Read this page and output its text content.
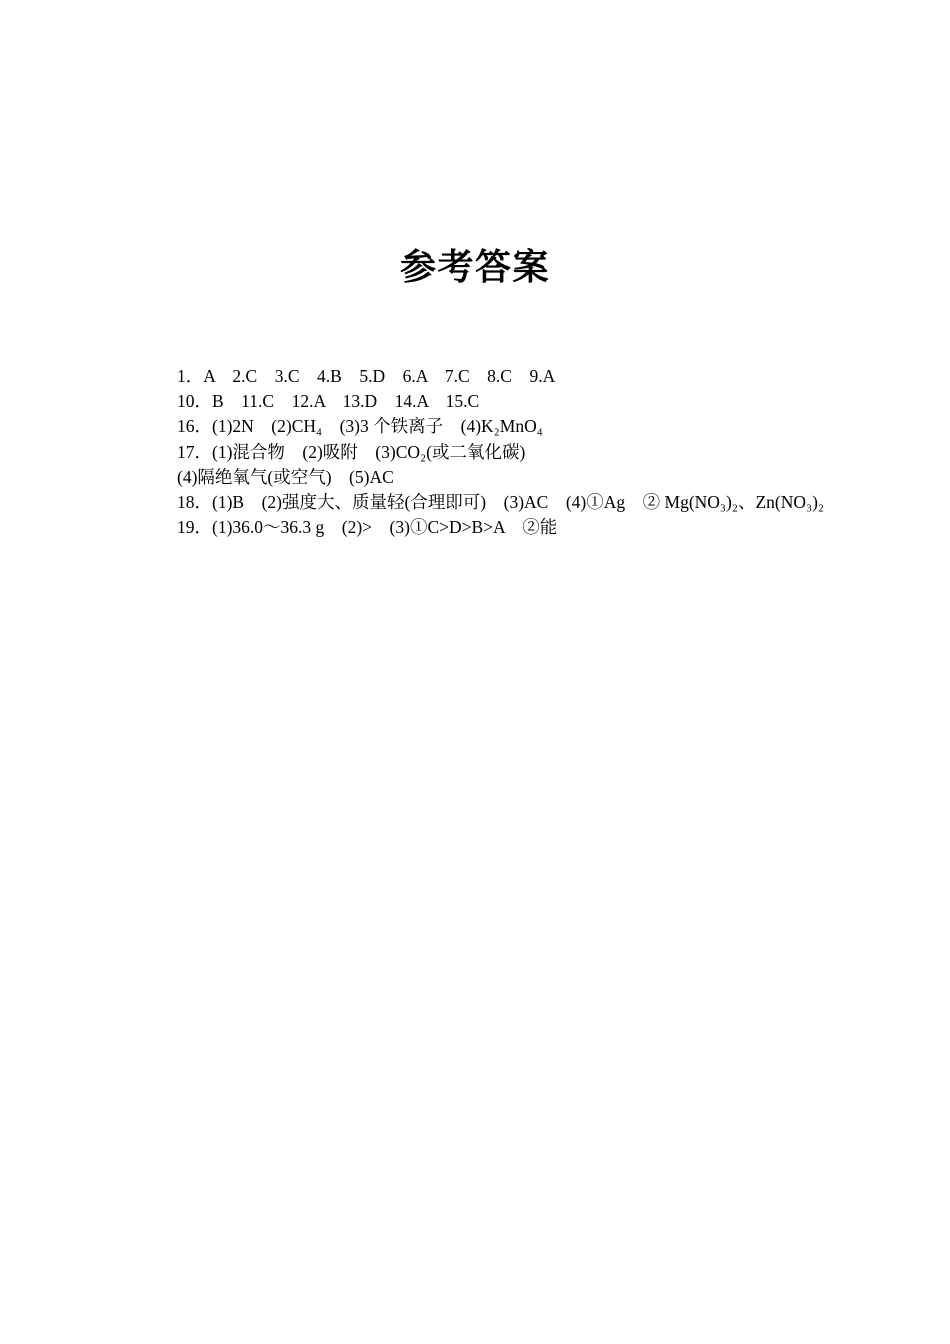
参考答案

1．A　2.C　3.C　4.B　5.D　6.A　7.C　8.C　9.A

10．B　11.C　12.A　13.D　14.A　15.C

16．(1)2N　(2)CH₄　(3)3 个铁离子　(4)K₂MnO₄

17．(1)混合物　(2)吸附　(3)CO₂(或二氧化碳)

(4)隔绝氧气(或空气)　(5)AC

18．(1)B　(2)强度大、质量轻(合理即可)　(3)AC　(4)①Ag　② Mg(NO₃)₂、Zn(NO₃)₂

19．(1)36.0～36.3 g　(2)>　(3)①C>D>B>A　②能
